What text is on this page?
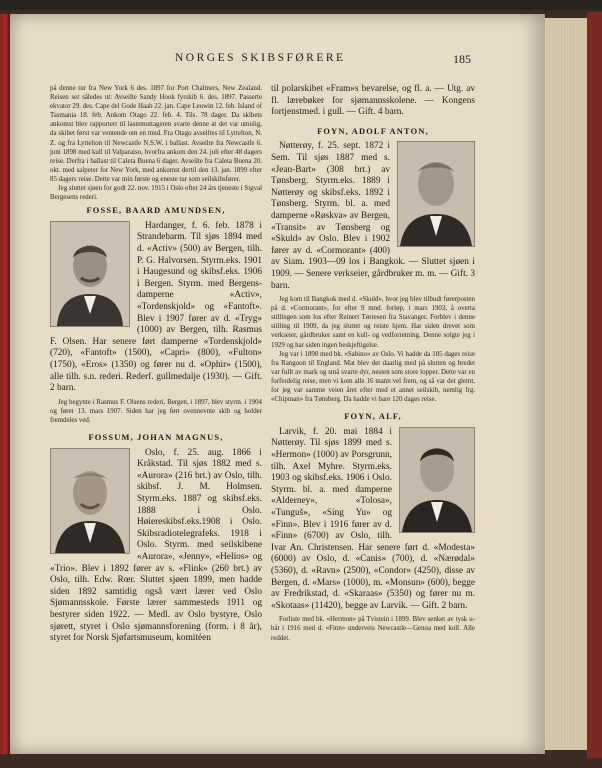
NORGES SKIBSFØRERE	185

på denne tur fra New York 6 des. 1897 for Port Chalmers, New Zealand. Reisen ser således ut: Avseilte Sandy Hook fyrskib 6. des. 1897. Passerte ekvator 29. des. Cape del Gode Haab 22. jan. Cape Leuwin 12. feb. Island of Tasmania 18. feb. Ankom Otago 22. feb. 4. Tils. 78 dager. Da skibets ankomst blev rapportert til lastemottageren svarte denne at det var umulig, da skibet først var ventende om en mnd. Fra Otago avseiltes til Lyttelton, N. Z. og fra Lyttelton til Newcastle N.S.W. i ballast. Avseilte fra Newcastle 6. juni 1898 med kull til Valparaiso, hvorfra ankom den 24. juli efter 48 dagers reise. Derfra i ballast til Caleta Buena 6 dager. Avseilte fra Caleta Buena 20. okt. med salpeter for New York, med ankomst dertil den 13. jan. 1899 efter 85 dagers reise. Dette var min første og eneste tur som seilskibsfører.

Jeg sluttet sjøen for godt 22. nov. 1915 i Oslo efter 24 års tjeneste i Sigval Bergesens rederi.

FOSSE, BAARD AMUNDSEN,

Hardanger, f. 6. feb. 1878 i Strandebarm. Til sjøs 1894 med d. «Activ» (500) av Bergen, tilh. P. G. Halvorsen. Styrm.eks. 1901 i Haugesund og skibsf.eks. 1906 i Bergen. Styrm. med Bergens-damperne «Activ», «Tordenskjold» og «Fantoft». Blev i 1907 fører av d. «Tryg» (1000) av Bergen, tilh. Rasmus F. Olsen. Har senere ført damperne «Tordenskjold» (720), «Fantoft» (1500), «Capri» (800), «Fulton» (1750), «Eros» (1350) og fører nu d. «Ophir» (1500), alle tilh. s.n. rederi. Rederf. gullmedalje (1930). — Gift. 2 barn.

Jeg begynte i Rasmus F. Olsens rederi, Bergen, i 1897, blev styrm. i 1904 og fører 13. mars 1907. Siden har jeg ført ovennevnte skib og holder fremdeles ved.

FOSSUM, JOHAN MAGNUS,

Oslo, f. 25. aug. 1866 i Kråkstad. Til sjøs 1882 med s. «Aurora» (216 brt.) av Oslo, tilh. skibsf. J. M. Holmsen. Styrm.eks. 1887 og skibsf.eks. 1888 i Oslo. Høiereskibsf.eks.1908 i Oslo. Skibsradiotelegrafeks. 1918 i Oslo. Styrm. med seilskibene «Aurora», «Jenny», «Helios» og «Trio». Blev i 1892 fører av s. «Flink» (260 brt.) av Oslo, tilh. Edw. Rœr. Sluttet sjøen 1899, men hadde siden 1892 samtidig også vært lærer ved Oslo Sjømannsskole. Første lærer sammesteds 1911 og bestyrer siden 1922. — Medl. av Oslo bystyre, Oslo sjørett, styret i Oslo sjømannsforening (form. i 8 år), styret for Norsk Sjøfartsmuseum, komitéen

til polarskibet «Fram»s bevarelse, og fl. a. — Utg. av fl. lærebøker for sjømannsskolene. — Kongens fortjenstmed. i gull. — Gift. 4 barn.

FOYN, ADOLF ANTON,

Nøtterøy, f. 25. sept. 1872 i Sem. Til sjøs 1887 med s. «Jean-Bart» (308 brt.) av Tønsberg. Styrm.eks. 1889 i Nøtterøy og skibsf.eks. 1892 i Tønsberg. Styrm. bl. a. med damperne «Røskva» av Bergen, «Transit» av Tønsberg og «Skuld» av Oslo. Blev i 1902 fører av d. «Cormorant» (400) av Siam. 1903—09 los i Bangkok. — Sluttet sjøen i 1909. — Senere verkseier, gårdbruker m. m. — Gift. 3 barn.

Jeg kom til Bangkok med d. «Skuld», hvor jeg blev tilbudt førerposten på d. «Cormorant», for efter 9 mnd. forløp, i mars 1903, å overta stillingen som los efter Reinert Tørresen fra Stavanger. Forblev i denne stilling til 1909, da jeg sluttet og reiste hjem. Har siden drevet som verkseier, gårdbruker samt en kull- og vedforretning. Denne solgte jeg i 1929 og har siden ingen beskjeftigelse.

Jeg var i 1890 med bk. «Sabino» av Oslo. Vi hadde da 185 dages reise fra Rangoon til England. Mat blev det daarlig med på slutten og bredet var fullt av mark og små svarte dyr, nesten som store lopper. Dette var en forferdelig reise, men vi kom alle 16 mann vel frem, og så var det glemt, for jeg var samme veien året efter med et annet seilskib, nemlig frg. «Chipman» fra Tønsberg. Da hadde vi bare 120 dages reise.

FOYN, ALF,

Larvik, f. 20. mai 1884 i Nøtterøy. Til sjøs 1899 med s. «Hermon» (1000) av Porsgrunn, tilh. Axel Myhre. Styrm.eks. 1903 og skibsf.eks. 1906 i Oslo. Styrm. bl. a. med damperne «Alderney», «Tolosa», «Tunguš», «Sing Yu» og «Finn». Blev i 1916 fører av d. «Finn» (6700) av Oslo, tilh. Ivar An. Christensen. Har senere ført d. «Modesta» (6000) av Oslo, d. «Canis» (700), d. «Nærødal» (5360), d. «Ravn» (2500), «Condor» (4250), disse av Bergen, d. «Mars» (1000), m. «Monsun» (600), begge av Fredrikstad, d. «Skaraas» (5350) og fører nu m. «Skotaas» (11420), begge av Larvik. — Gift. 2 barn.

Forliste med bk. «Hermon» på Tvistein i 1899. Blev senket av tysk u-båt i 1916 med d. «Finn» underveis Newcastle—Genoa med kull. Alle reddet.
